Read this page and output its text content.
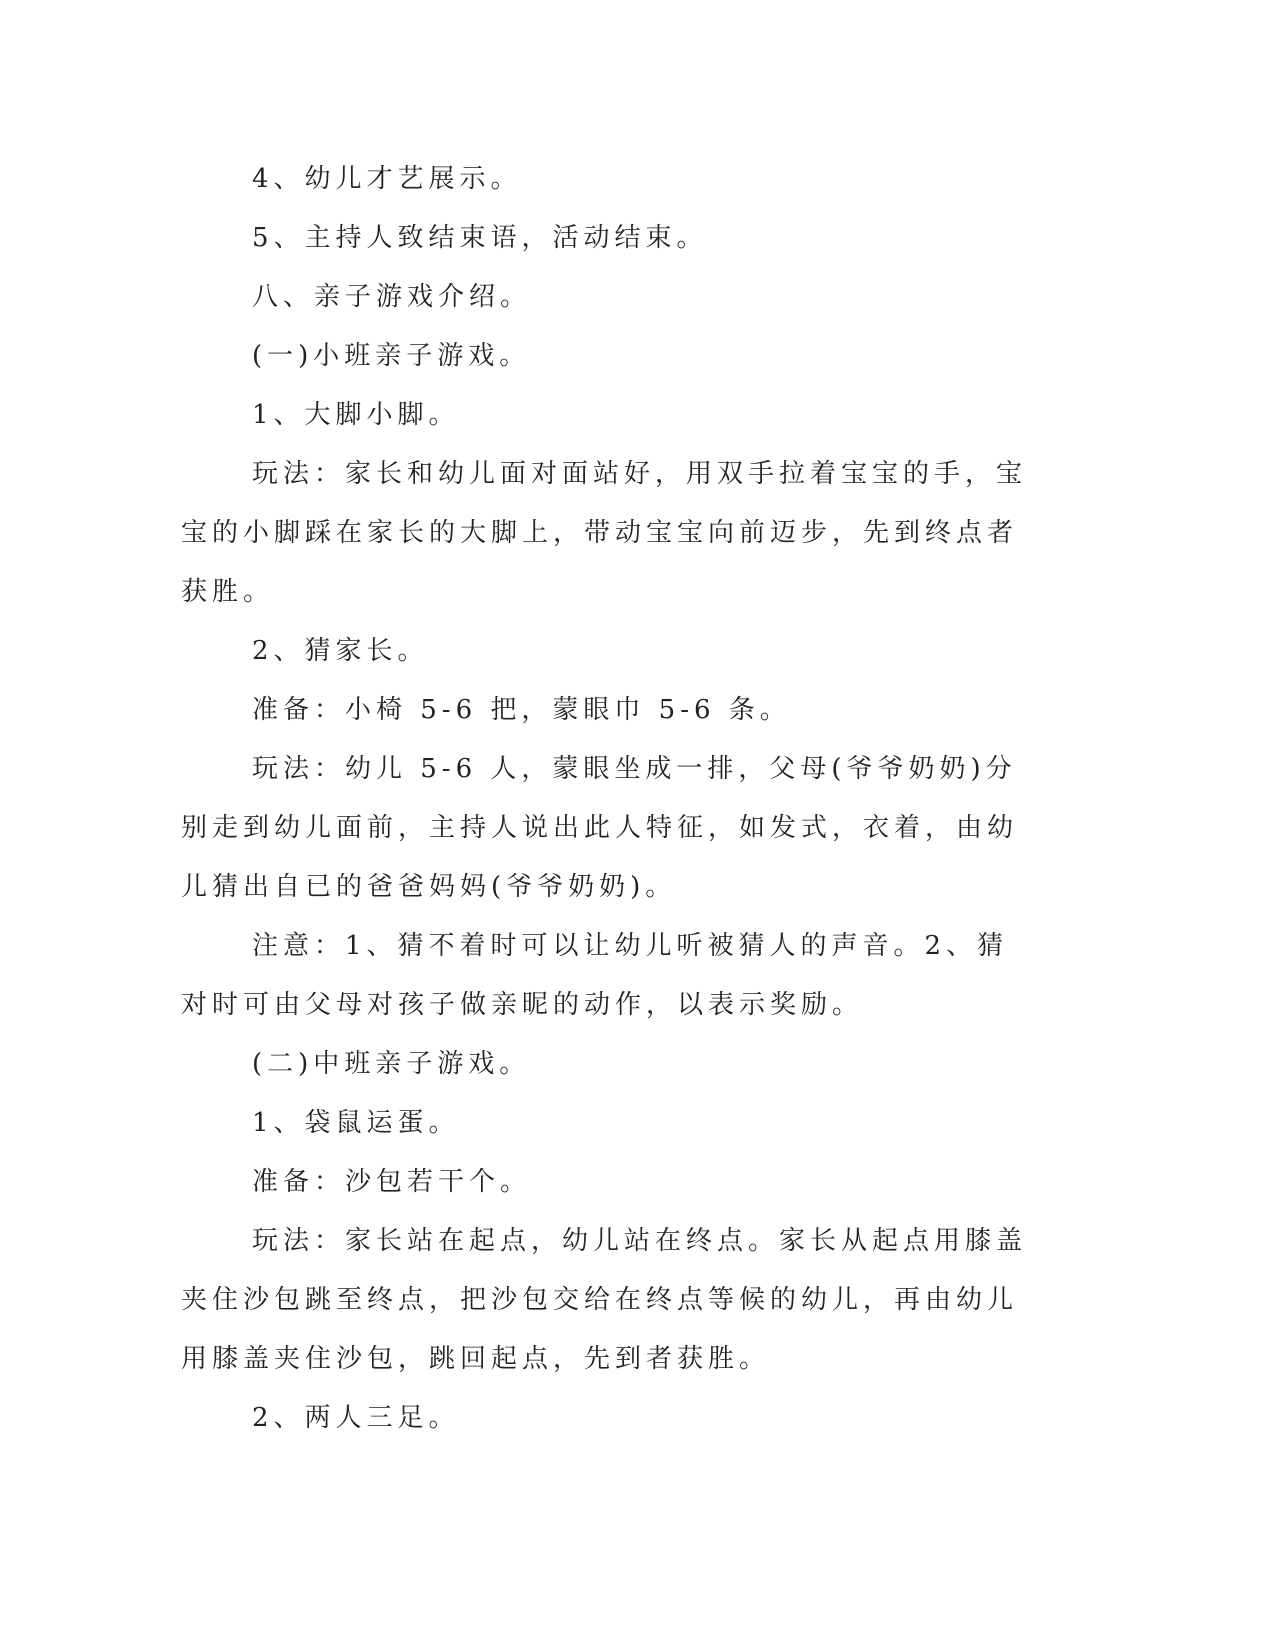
4、幼儿才艺展示。

5、主持人致结束语，活动结束。

八、亲子游戏介绍。

(一)小班亲子游戏。

1、大脚小脚。

玩法：家长和幼儿面对面站好，用双手拉着宝宝的手，宝宝的小脚踩在家长的大脚上，带动宝宝向前迈步，先到终点者获胜。

2、猜家长。

准备：小椅 5-6 把，蒙眼巾 5-6 条。

玩法：幼儿 5-6 人，蒙眼坐成一排，父母(爷爷奶奶)分别走到幼儿面前，主持人说出此人特征，如发式，衣着，由幼儿猜出自已的爸爸妈妈(爷爷奶奶)。

注意：1、猜不着时可以让幼儿听被猜人的声音。2、猜对时可由父母对孩子做亲昵的动作，以表示奖励。

(二)中班亲子游戏。

1、袋鼠运蛋。

准备：沙包若干个。

玩法：家长站在起点，幼儿站在终点。家长从起点用膝盖夹住沙包跳至终点，把沙包交给在终点等候的幼儿，再由幼儿用膝盖夹住沙包，跳回起点，先到者获胜。

2、两人三足。
